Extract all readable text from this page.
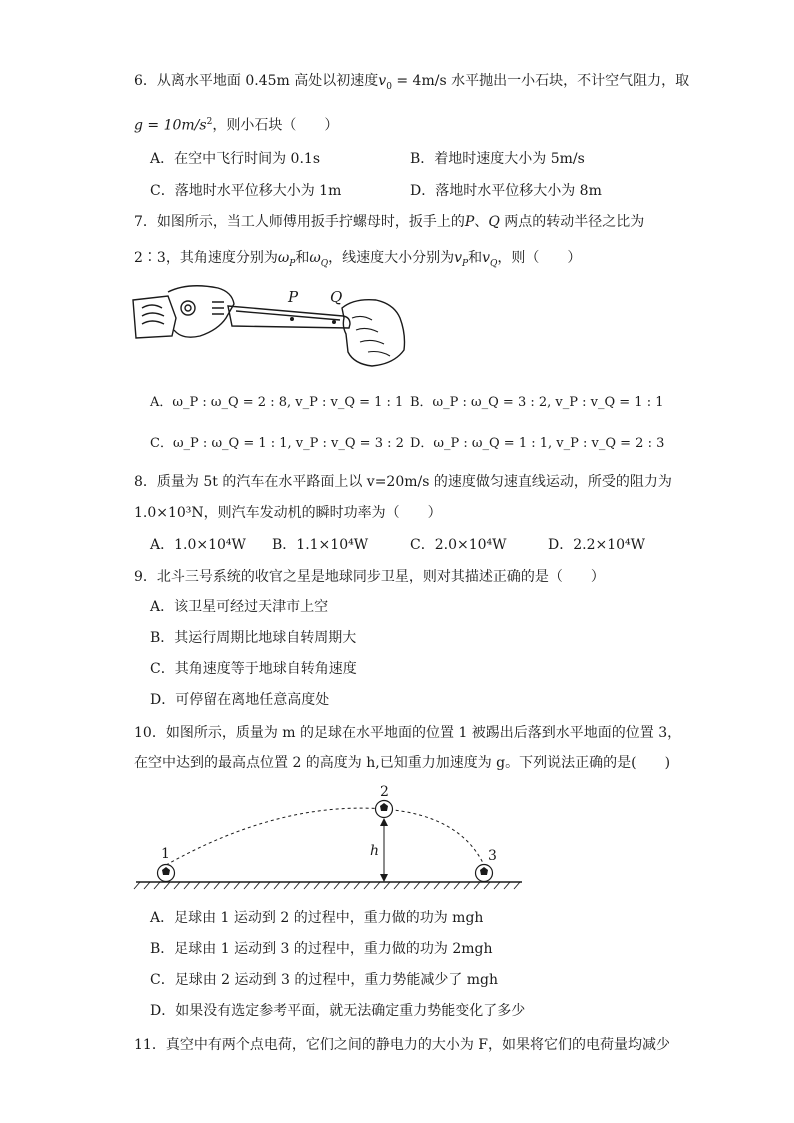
6．从离水平地面 0.45m 高处以初速度$v_0 = 4m/s$ 水平抛出一小石块，不计空气阻力，取
$g = 10m/s^2$，则小石块（　　）
A．在空中飞行时间为 0.1s	B．着地时速度大小为 5m/s
C．落地时水平位移大小为 1m	D．落地时水平位移大小为 8m
7．如图所示，当工人师傅用扳手拧螺母时，扳手上的P、Q 两点的转动半径之比为
2∶3，其角速度分别为$\omega_P$和$\omega_Q$，线速度大小分别为$v_P$和$v_Q$，则（　　）
P Q
A．ω_P : ω_Q = 2 : 8, v_P : v_Q = 1 : 1 B．ω_P : ω_Q = 3 : 2, v_P : v_Q = 1 : 1
C．ω_P : ω_Q = 1 : 1, v_P : v_Q = 3 : 2 D．ω_P : ω_Q = 1 : 1, v_P : v_Q = 2 : 3
8．质量为 5t 的汽车在水平路面上以 v=20m/s 的速度做匀速直线运动，所受的阻力为
1.0×10³N，则汽车发动机的瞬时功率为（　　）
A．1.0×10⁴W B．1.1×10⁴W	C．2.0×10⁴W	D．2.2×10⁴W
9．北斗三号系统的收官之星是地球同步卫星，则对其描述正确的是（　　）
A．该卫星可经过天津市上空
B．其运行周期比地球自转周期大
C．其角速度等于地球自转角速度
D．可停留在离地任意高度处
10．如图所示，质量为 m 的足球在水平地面的位置 1 被踢出后落到水平地面的位置 3，
在空中达到的最高点位置 2 的高度为 h,已知重力加速度为 g。下列说法正确的是(　　)
1
2
3
h
A．足球由 1 运动到 2 的过程中，重力做的功为 mgh
B．足球由 1 运动到 3 的过程中，重力做的功为 2mgh
C．足球由 2 运动到 3 的过程中，重力势能减少了 mgh
D．如果没有选定参考平面，就无法确定重力势能变化了多少
11．真空中有两个点电荷，它们之间的静电力的大小为 F，如果将它们的电荷量均减少
